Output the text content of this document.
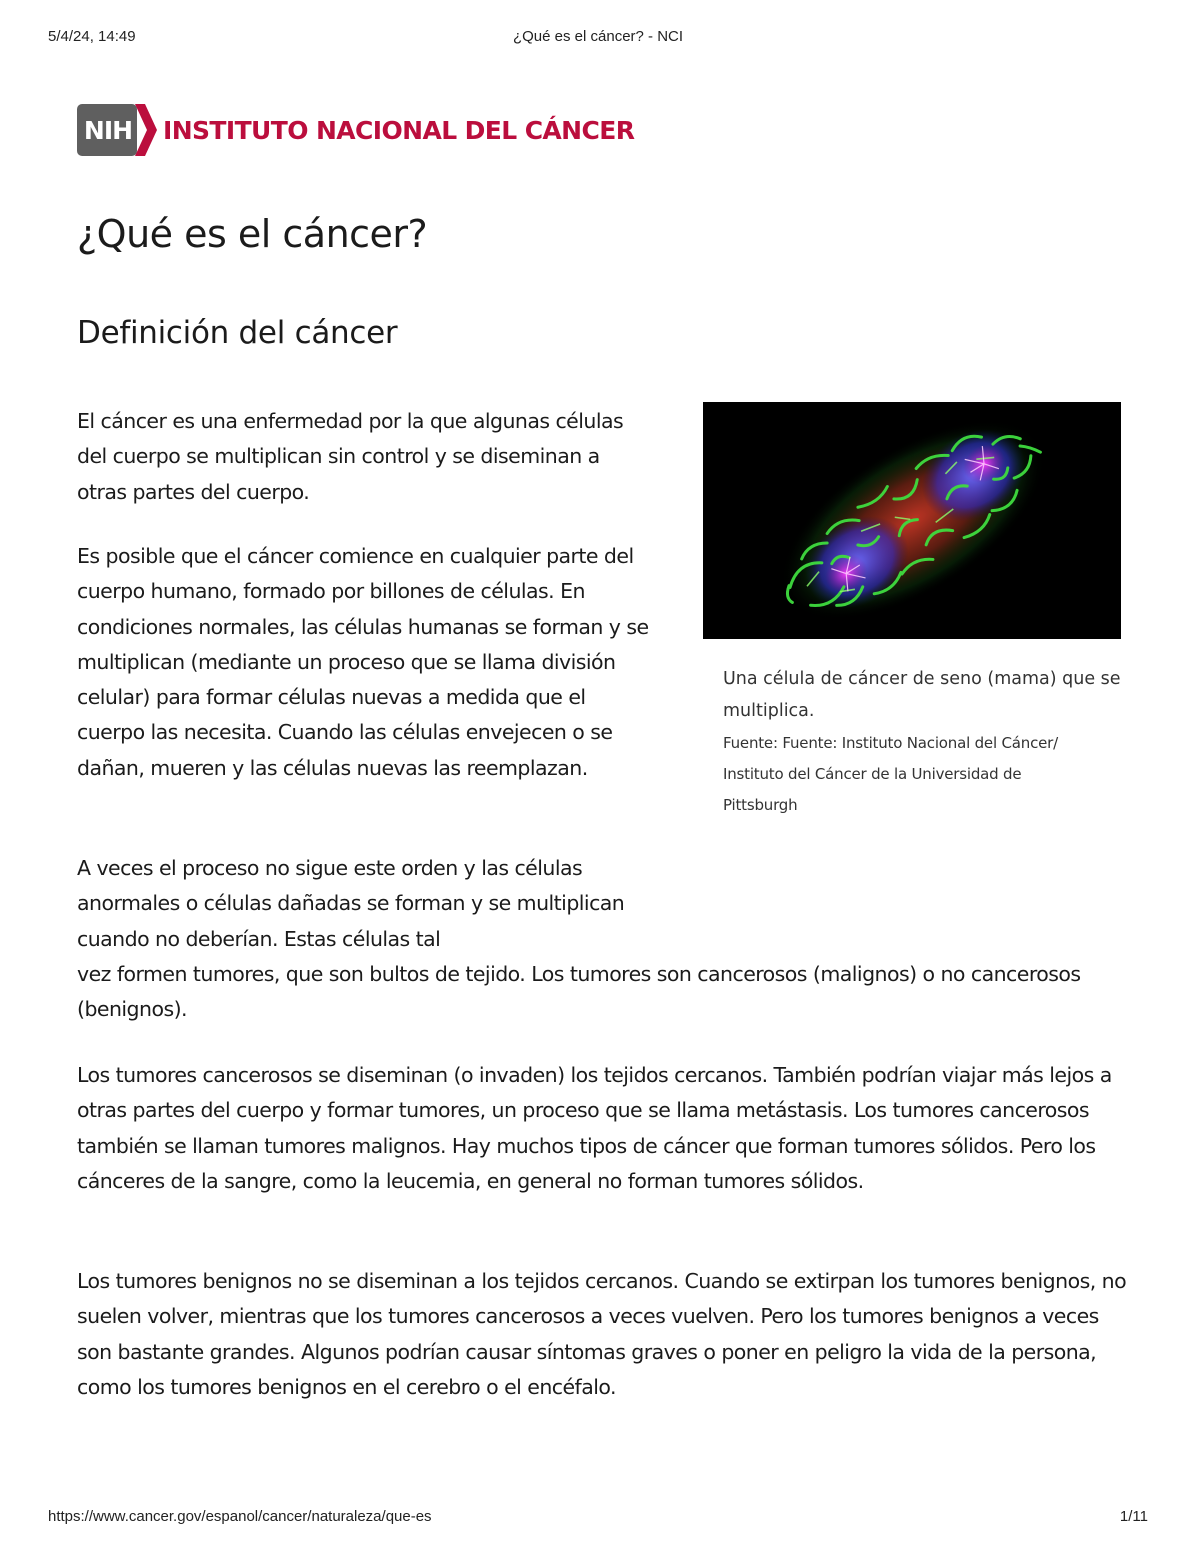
5/4/24, 14:49	¿Qué es el cáncer? - NCI
NIH INSTITUTO NACIONAL DEL CÁNCER
¿Qué es el cáncer?
Definición del cáncer

El cáncer es una enfermedad por la que algunas células del cuerpo se multiplican sin control y se diseminan a otras partes del cuerpo.

Es posible que el cáncer comience en cualquier parte del cuerpo humano, formado por billones de células. En condiciones normales, las células humanas se forman y se multiplican (mediante un proceso que se llama división celular) para formar células nuevas a medida que el cuerpo las necesita. Cuando las células envejecen o se dañan, mueren y las células nuevas las reemplazan.

A veces el proceso no sigue este orden y las células anormales o células dañadas se forman y se multiplican cuando no deberían. Estas células tal

vez formen tumores, que son bultos de tejido. Los tumores son cancerosos (malignos) o no cancerosos (benignos).

Los tumores cancerosos se diseminan (o invaden) los tejidos cercanos. También podrían viajar más lejos a otras partes del cuerpo y formar tumores, un proceso que se llama metástasis. Los tumores cancerosos también se llaman tumores malignos. Hay muchos tipos de cáncer que forman tumores sólidos. Pero los cánceres de la sangre, como la leucemia, en general no forman tumores sólidos.

Los tumores benignos no se diseminan a los tejidos cercanos. Cuando se extirpan los tumores benignos, no suelen volver, mientras que los tumores cancerosos a veces vuelven. Pero los tumores benignos a veces son bastante grandes. Algunos podrían causar síntomas graves o poner en peligro la vida de la persona, como los tumores benignos en el cerebro o el encéfalo.

Una célula de cáncer de seno (mama) que se multiplica.

Fuente: Fuente: Instituto Nacional del Cáncer/ Instituto del Cáncer de la Universidad de Pittsburgh

https://www.cancer.gov/espanol/cancer/naturaleza/que-es	1/11
